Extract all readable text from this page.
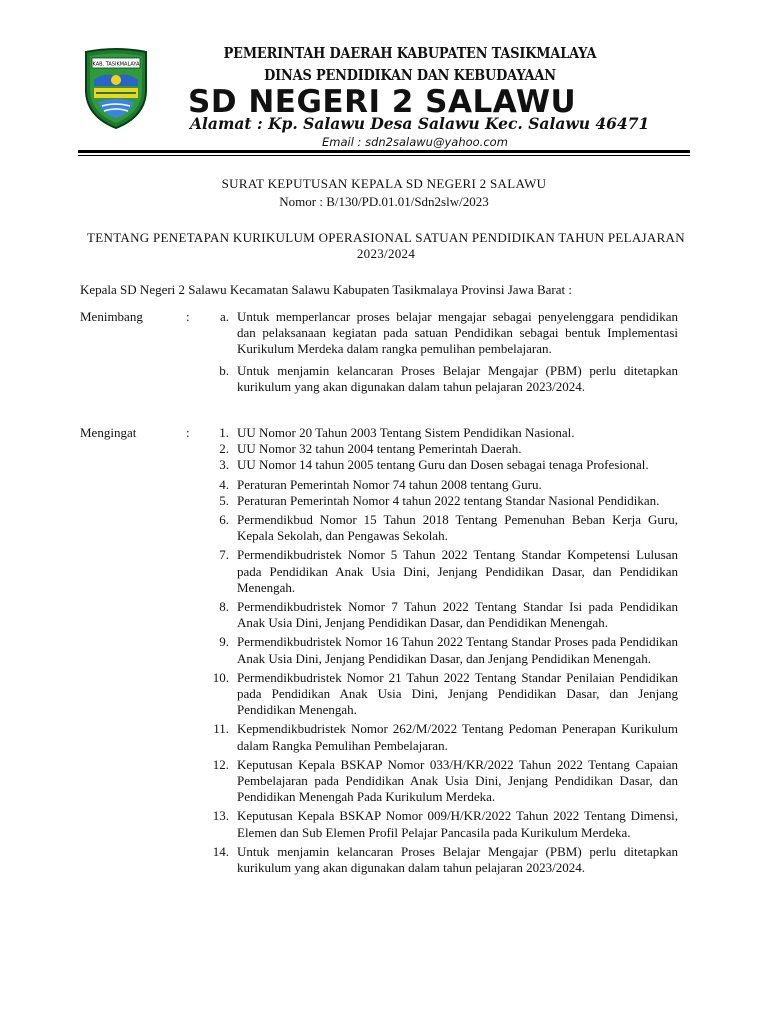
KAB. TASIKMALAYA
PEMERINTAH DAERAH KABUPATEN TASIKMALAYA
DINAS PENDIDIKAN DAN KEBUDAYAAN
SD NEGERI 2 SALAWU
Alamat : Kp. Salawu Desa Salawu Kec. Salawu 46471
Email : sdn2salawu@yahoo.com
SURAT KEPUTUSAN KEPALA SD NEGERI 2 SALAWU
Nomor : B/130/PD.01.01/Sdn2slw/2023
TENTANG PENETAPAN KURIKULUM OPERASIONAL SATUAN PENDIDIKAN TAHUN PELAJARAN 2023/2024
Kepala SD Negeri 2 Salawu Kecamatan Salawu Kabupaten Tasikmalaya Provinsi Jawa Barat :
Menimbang	:	a. Untuk memperlancar proses belajar mengajar sebagai penyelenggara pendidikan dan pelaksanaan kegiatan pada satuan Pendidikan sebagai bentuk Implementasi Kurikulum Merdeka dalam rangka pemulihan pembelajaran.
b. Untuk menjamin kelancaran Proses Belajar Mengajar (PBM) perlu ditetapkan kurikulum yang akan digunakan dalam tahun pelajaran 2023/2024.
Mengingat	:	1. UU Nomor 20 Tahun 2003 Tentang Sistem Pendidikan Nasional.
2. UU Nomor 32 tahun 2004 tentang Pemerintah Daerah.
3. UU Nomor 14 tahun 2005 tentang Guru dan Dosen sebagai tenaga Profesional.
4. Peraturan Pemerintah Nomor 74 tahun 2008 tentang Guru.
5. Peraturan Pemerintah Nomor 4 tahun 2022 tentang Standar Nasional Pendidikan.
6. Permendikbud Nomor 15 Tahun 2018 Tentang Pemenuhan Beban Kerja Guru, Kepala Sekolah, dan Pengawas Sekolah.
7. Permendikbudristek Nomor 5 Tahun 2022 Tentang Standar Kompetensi Lulusan pada Pendidikan Anak Usia Dini, Jenjang Pendidikan Dasar, dan Pendidikan Menengah.
8. Permendikbudristek Nomor 7 Tahun 2022 Tentang Standar Isi pada Pendidikan Anak Usia Dini, Jenjang Pendidikan Dasar, dan Pendidikan Menengah.
9. Permendikbudristek Nomor 16 Tahun 2022 Tentang Standar Proses pada Pendidikan Anak Usia Dini, Jenjang Pendidikan Dasar, dan Jenjang Pendidikan Menengah.
10. Permendikbudristek Nomor 21 Tahun 2022 Tentang Standar Penilaian Pendidikan pada Pendidikan Anak Usia Dini, Jenjang Pendidikan Dasar, dan Jenjang Pendidikan Menengah.
11. Kepmendikbudristek Nomor 262/M/2022 Tentang Pedoman Penerapan Kurikulum dalam Rangka Pemulihan Pembelajaran.
12. Keputusan Kepala BSKAP Nomor 033/H/KR/2022 Tahun 2022 Tentang Capaian Pembelajaran pada Pendidikan Anak Usia Dini, Jenjang Pendidikan Dasar, dan Pendidikan Menengah Pada Kurikulum Merdeka.
13. Keputusan Kepala BSKAP Nomor 009/H/KR/2022 Tahun 2022 Tentang Dimensi, Elemen dan Sub Elemen Profil Pelajar Pancasila pada Kurikulum Merdeka.
14. Untuk menjamin kelancaran Proses Belajar Mengajar (PBM) perlu ditetapkan kurikulum yang akan digunakan dalam tahun pelajaran 2023/2024.
